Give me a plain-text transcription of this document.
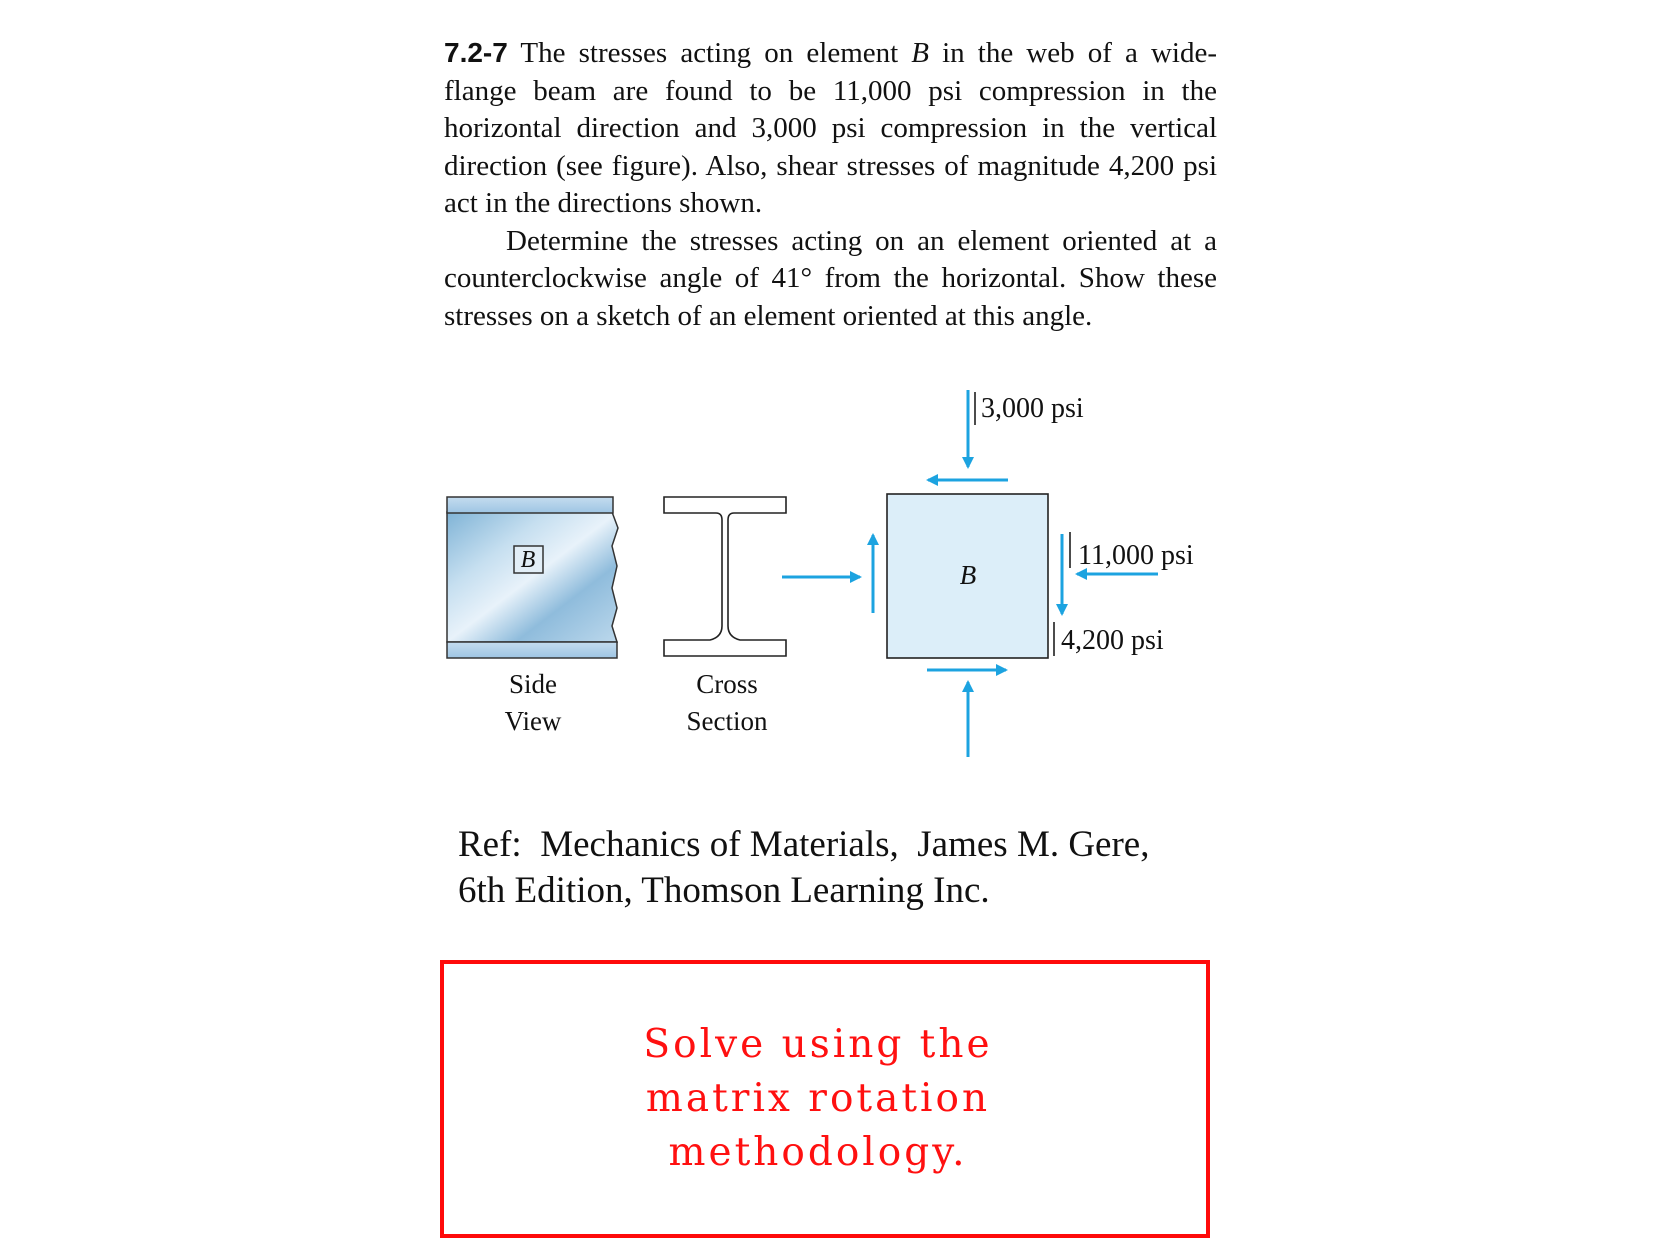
7.2-7 The stresses acting on element B in the web of a wide-flange beam are found to be 11,000 psi compression in the horizontal direction and 3,000 psi compression in the vertical direction (see figure). Also, shear stresses of magnitude 4,200 psi act in the directions shown.

Determine the stresses acting on an element oriented at a counterclockwise angle of 41° from the horizontal. Show these stresses on a sketch of an element oriented at this angle.

B	B
3,000 psi
11,000 psi
4,200 psi
Side
View
Cross
Section
Ref:  Mechanics of Materials,  James M. Gere,
6th Edition, Thomson Learning Inc.
Solve using the
matrix rotation
methodology.
